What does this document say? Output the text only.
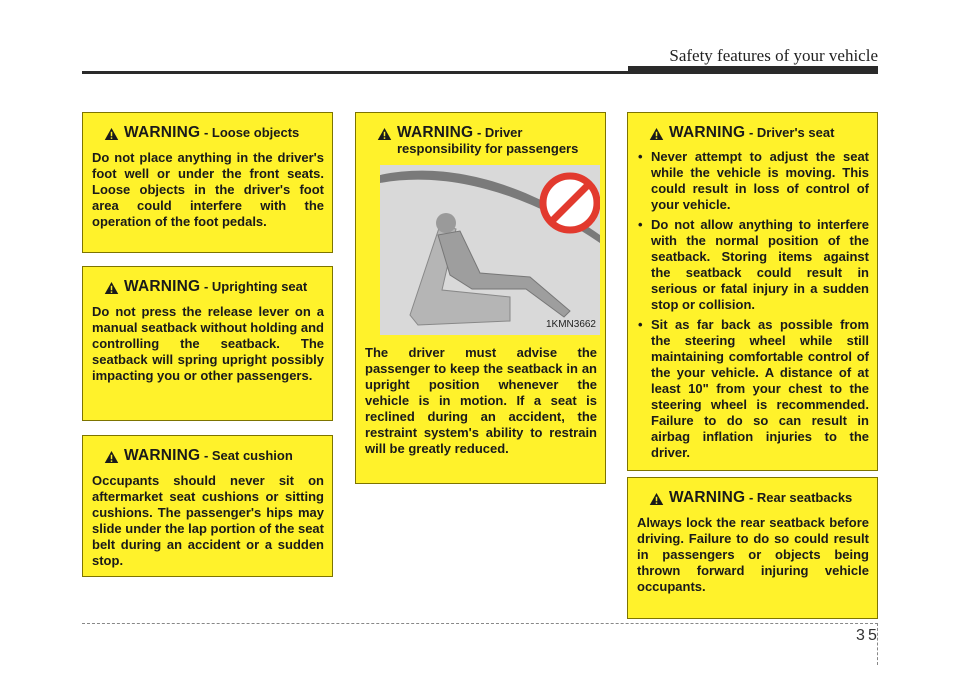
Safety features of your vehicle
WARNING - Loose objects

Do not place anything in the driver's foot well or under the front seats. Loose objects in the driver's foot area could interfere with the operation of the foot pedals.

WARNING - Uprighting seat

Do not press the release lever on a manual seatback without holding and controlling the seatback. The seatback will spring upright possibly impacting you or other passengers.

WARNING - Seat cushion

Occupants should never sit on aftermarket seat cushions or sitting cushions. The passenger's hips may slide under the lap portion of the seat belt during an accident or a sudden stop.

WARNING - Driver responsibility for passengers
1KMN3662

The driver must advise the passenger to keep the seatback in an upright position whenever the vehicle is in motion. If a seat is reclined during an accident, the restraint system's ability to restrain will be greatly reduced.

WARNING - Driver's seat
• Never attempt to adjust the seat while the vehicle is moving. This could result in loss of control of your vehicle.
• Do not allow anything to interfere with the normal position of the seatback. Storing items against the seatback could result in serious or fatal injury in a sudden stop or collision.
• Sit as far back as possible from the steering wheel while still maintaining comfortable control of the your vehicle. A distance of at least 10" from your chest to the steering wheel is recommended. Failure to do so can result in airbag inflation injuries to the driver.
WARNING - Rear seatbacks

Always lock the rear seatback before driving. Failure to do so could result in passengers or objects being thrown forward injuring vehicle occupants.

3 5
